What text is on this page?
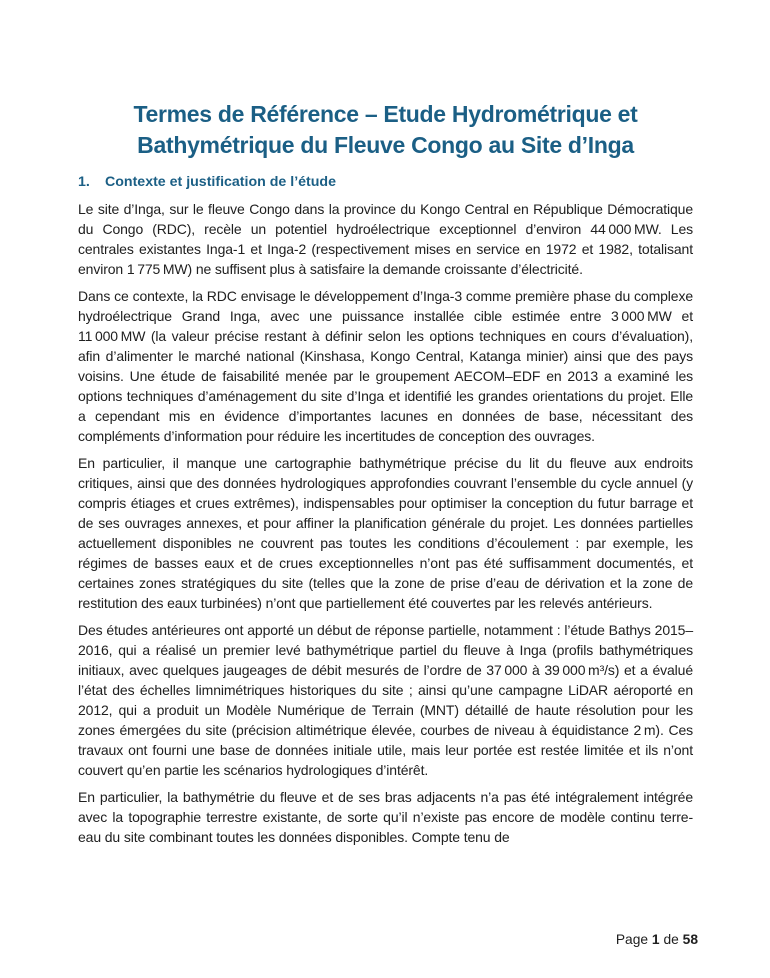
Termes de Référence – Etude Hydrométrique et
Bathymétrique du Fleuve Congo au Site d’Inga
1.	Contexte et justification de l’étude

Le site d’Inga, sur le fleuve Congo dans la province du Kongo Central en République Démocratique du Congo (RDC), recèle un potentiel hydroélectrique exceptionnel d’environ 44 000 MW. Les centrales existantes Inga-1 et Inga-2 (respectivement mises en service en 1972 et 1982, totalisant environ 1 775 MW) ne suffisent plus à satisfaire la demande croissante d’électricité.

Dans ce contexte, la RDC envisage le développement d’Inga-3 comme première phase du complexe hydroélectrique Grand Inga, avec une puissance installée cible estimée entre 3 000 MW et 11 000 MW (la valeur précise restant à définir selon les options techniques en cours d’évaluation), afin d’alimenter le marché national (Kinshasa, Kongo Central, Katanga minier) ainsi que des pays voisins. Une étude de faisabilité menée par le groupement AECOM–EDF en 2013 a examiné les options techniques d’aménagement du site d’Inga et identifié les grandes orientations du projet. Elle a cependant mis en évidence d’importantes lacunes en données de base, nécessitant des compléments d’information pour réduire les incertitudes de conception des ouvrages.

En particulier, il manque une cartographie bathymétrique précise du lit du fleuve aux endroits critiques, ainsi que des données hydrologiques approfondies couvrant l’ensemble du cycle annuel (y compris étiages et crues extrêmes), indispensables pour optimiser la conception du futur barrage et de ses ouvrages annexes, et pour affiner la planification générale du projet. Les données partielles actuellement disponibles ne couvrent pas toutes les conditions d’écoulement : par exemple, les régimes de basses eaux et de crues exceptionnelles n’ont pas été suffisamment documentés, et certaines zones stratégiques du site (telles que la zone de prise d’eau de dérivation et la zone de restitution des eaux turbinées) n’ont que partiellement été couvertes par les relevés antérieurs.

Des études antérieures ont apporté un début de réponse partielle, notamment : l’étude Bathys 2015–2016, qui a réalisé un premier levé bathymétrique partiel du fleuve à Inga (profils bathymétriques initiaux, avec quelques jaugeages de débit mesurés de l’ordre de 37 000 à 39 000 m³/s) et a évalué l’état des échelles limnimétriques historiques du site ; ainsi qu’une campagne LiDAR aéroporté en 2012, qui a produit un Modèle Numérique de Terrain (MNT) détaillé de haute résolution pour les zones émergées du site (précision altimétrique élevée, courbes de niveau à équidistance 2 m). Ces travaux ont fourni une base de données initiale utile, mais leur portée est restée limitée et ils n’ont couvert qu’en partie les scénarios hydrologiques d’intérêt.

En particulier, la bathymétrie du fleuve et de ses bras adjacents n’a pas été intégralement intégrée avec la topographie terrestre existante, de sorte qu’il n’existe pas encore de modèle continu terre-eau du site combinant toutes les données disponibles. Compte tenu de

Page 1 de 58
